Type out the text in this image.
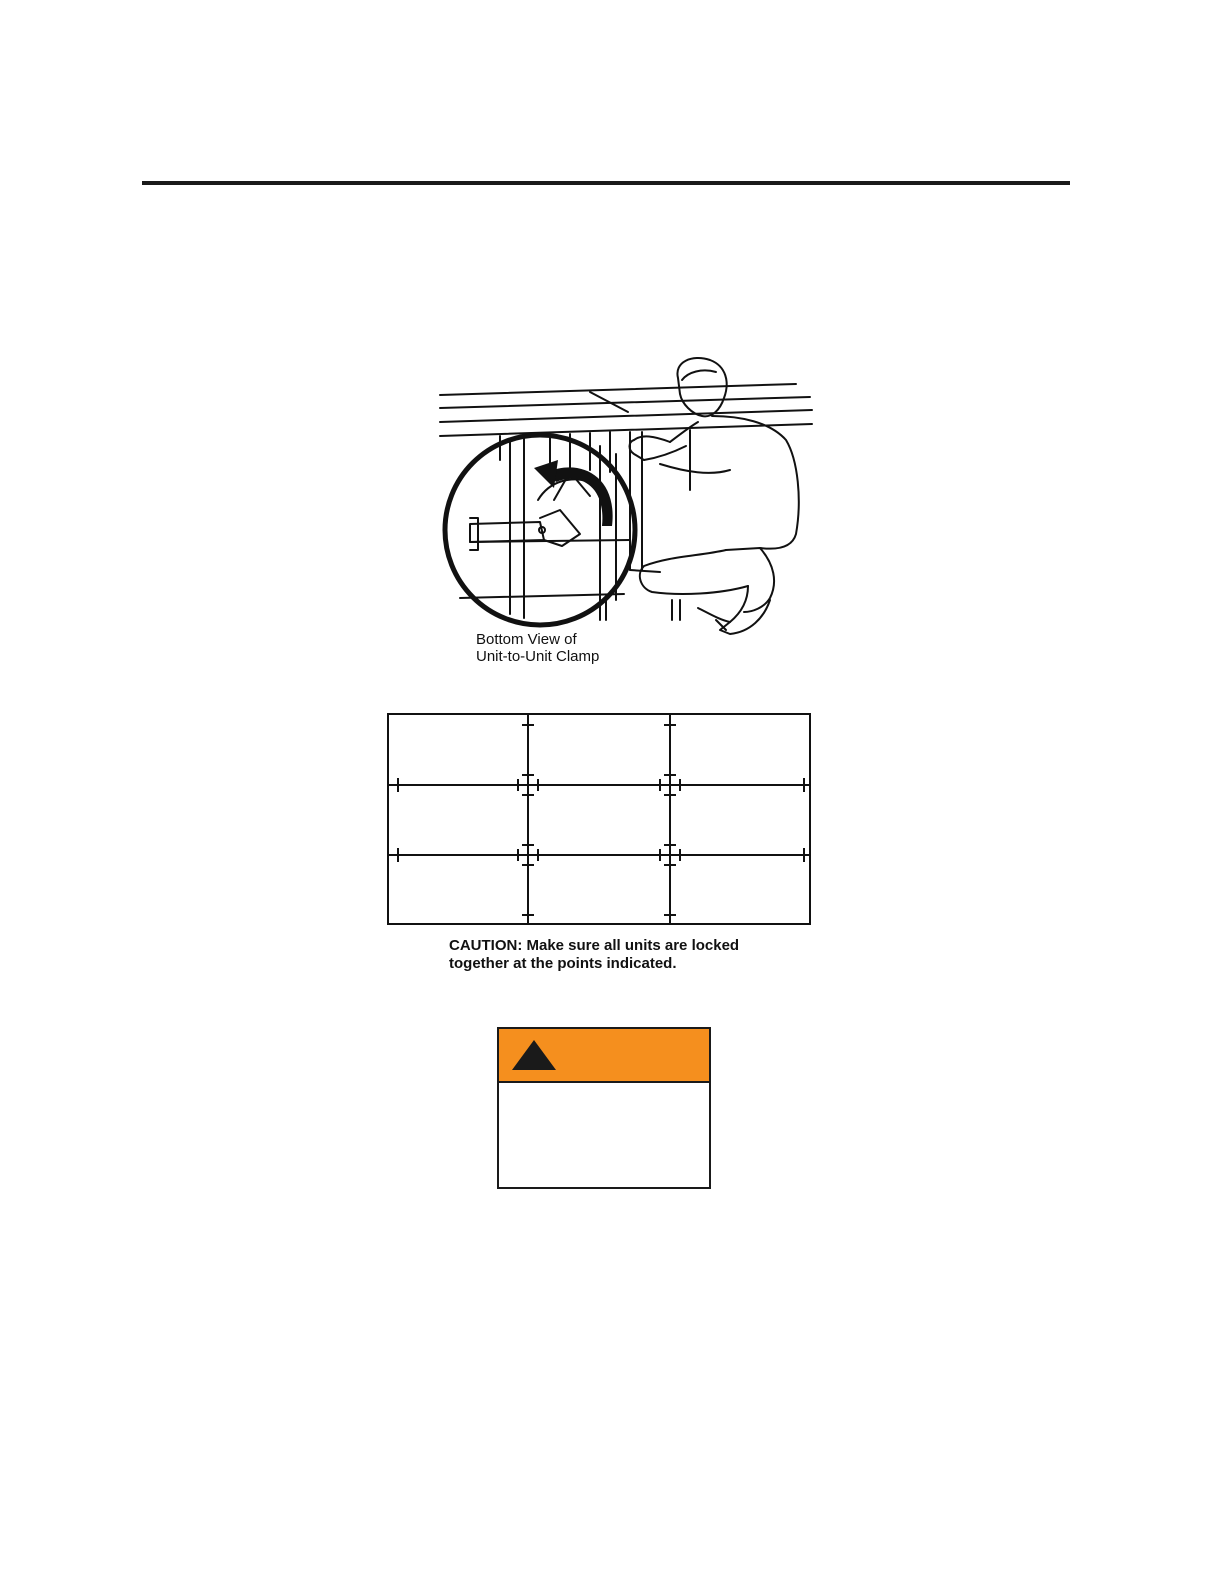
Bottom View of
Unit-to-Unit Clamp
CAUTION: Make sure all units are locked
together at the points indicated.
